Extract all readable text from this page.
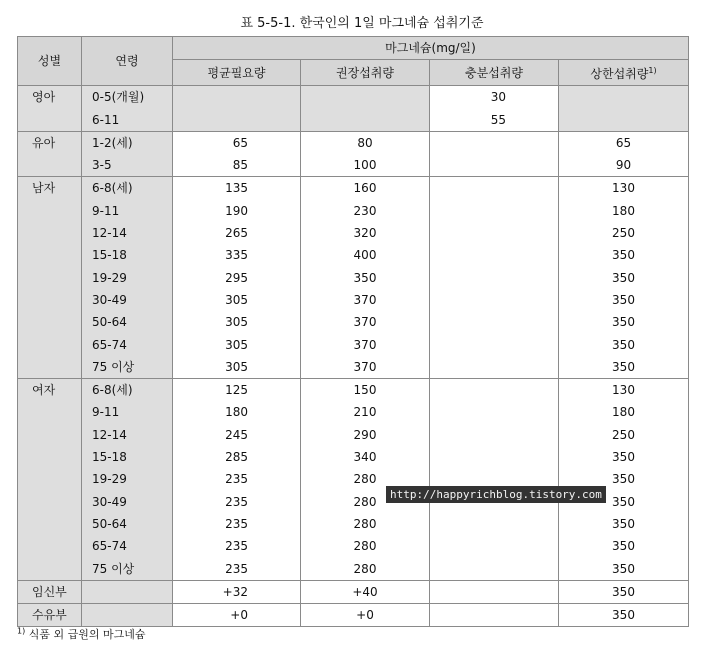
표 5-5-1. 한국인의 1일 마그네슘 섭취기준
성별	연령	마그네슘(mg/일)			
		평균필요량	권장섭취량	충분섭취량	상한섭취량$^{1)}$
영아	0-5(개월)			30	
	6-11			55	
유아	1-2(세)	65	80		65
	3-5	85	100		90
남자	6-8(세)	135	160		130
	9-11	190	230		180
	12-14	265	320		250
	15-18	335	400		350
	19-29	295	350		350
	30-49	305	370		350
	50-64	305	370		350
	65-74	305	370		350
	75 이상	305	370		350
여자	6-8(세)	125	150		130
	9-11	180	210		180
	12-14	245	290		250
	15-18	285	340		350
	19-29	235	280		350
	30-49	235	280		350
	50-64	235	280		350
	65-74	235	280		350
	75 이상	235	280		350
임신부		+32	+40		350
수유부		+0	+0		350
http://happyrichblog.tistory.com
$^{1)}$ 식품 외 급원의 마그네슘
